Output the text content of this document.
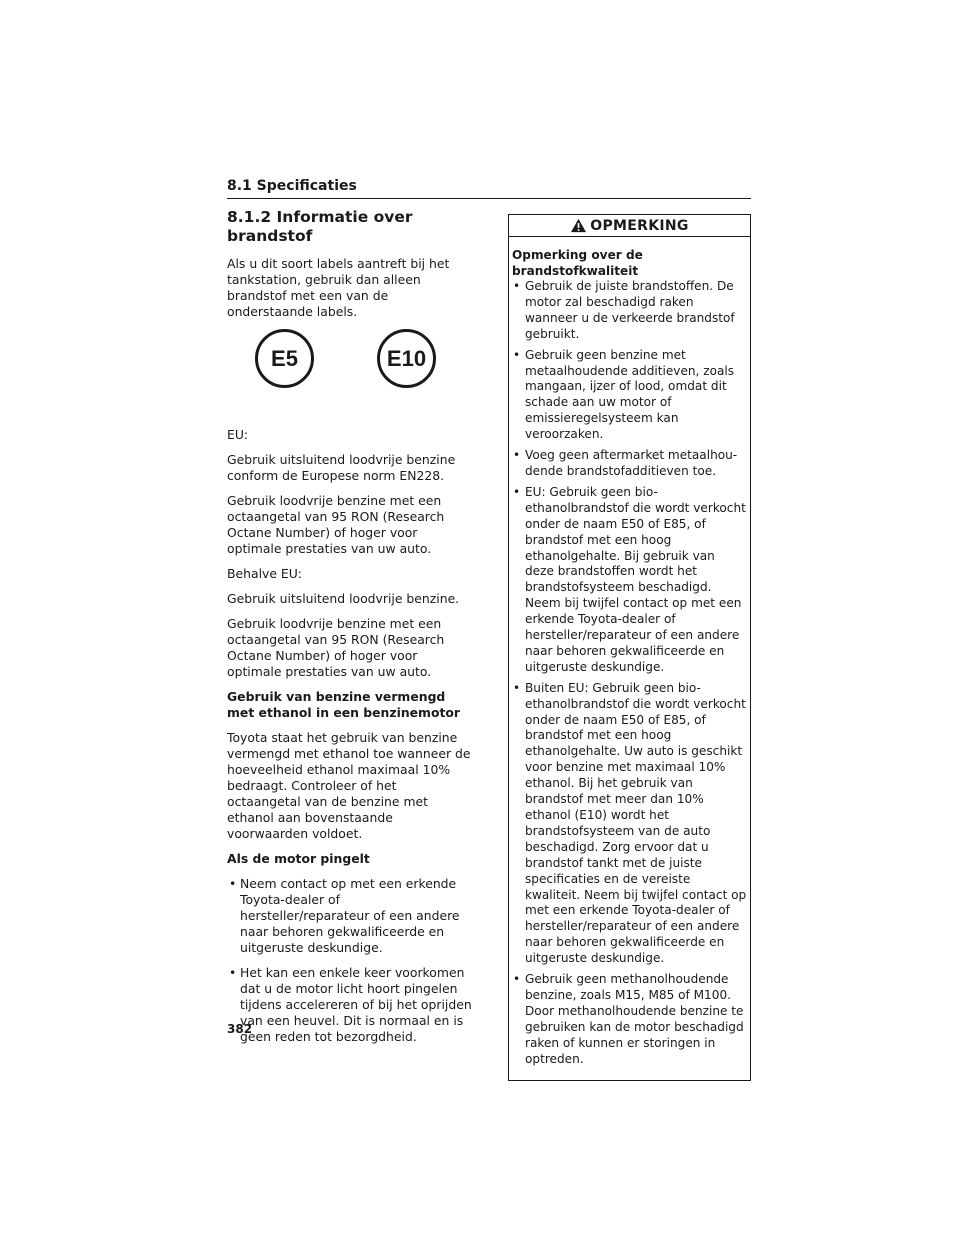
8.1 Specificaties
8.1.2 Informatie over brandstof

Als u dit soort labels aantreft bij het tankstation, gebruik dan alleen brandstof met een van de onderstaande labels.

E5	E10

EU:

Gebruik uitsluitend loodvrije benzine conform de Europese norm EN228.

Gebruik loodvrije benzine met een octaangetal van 95 RON (Research Octane Number) of hoger voor optimale prestaties van uw auto.

Behalve EU:

Gebruik uitsluitend loodvrije benzine.

Gebruik loodvrije benzine met een octaangetal van 95 RON (Research Octane Number) of hoger voor optimale prestaties van uw auto.

Gebruik van benzine vermengd met ethanol in een benzinemotor

Toyota staat het gebruik van benzine vermengd met ethanol toe wanneer de hoeveelheid ethanol maximaal 10% bedraagt. Controleer of het octaangetal van de benzine met ethanol aan bovenstaande voorwaarden voldoet.

Als de motor pingelt

• Neem contact op met een erkende Toyota-dealer of hersteller/reparateur of een andere naar behoren gekwalificeerde en uitgeruste deskundige.
• Het kan een enkele keer voorkomen dat u de motor licht hoort pingelen tijdens accelereren of bij het oprijden van een heuvel. Dit is normaal en is geen reden tot bezorgdheid.
OPMERKING

Opmerking over de brandstofkwaliteit

• Gebruik de juiste brandstoffen. De motor zal beschadigd raken wanneer u de verkeerde brandstof gebruikt.
• Gebruik geen benzine met metaalhoudende additieven, zoals mangaan, ijzer of lood, omdat dit schade aan uw motor of emissieregelsysteem kan veroorzaken.
• Voeg geen aftermarket metaalhou-dende brandstofadditieven toe.
• EU: Gebruik geen bio-ethanolbrandstof die wordt verkocht onder de naam E50 of E85, of brandstof met een hoog ethanolgehalte. Bij gebruik van deze brandstoffen wordt het brandstofsysteem beschadigd. Neem bij twijfel contact op met een erkende Toyota-dealer of hersteller/reparateur of een andere naar behoren gekwalificeerde en uitgeruste deskundige.
• Buiten EU: Gebruik geen bio-ethanolbrandstof die wordt verkocht onder de naam E50 of E85, of brandstof met een hoog ethanolgehalte. Uw auto is geschikt voor benzine met maximaal 10% ethanol. Bij het gebruik van brandstof met meer dan 10% ethanol (E10) wordt het brandstofsysteem van de auto beschadigd. Zorg ervoor dat u brandstof tankt met de juiste specificaties en de vereiste kwaliteit. Neem bij twijfel contact op met een erkende Toyota-dealer of hersteller/reparateur of een andere naar behoren gekwalificeerde en uitgeruste deskundige.
• Gebruik geen methanolhoudende benzine, zoals M15, M85 of M100. Door methanolhoudende benzine te gebruiken kan de motor beschadigd raken of kunnen er storingen in optreden.
382
